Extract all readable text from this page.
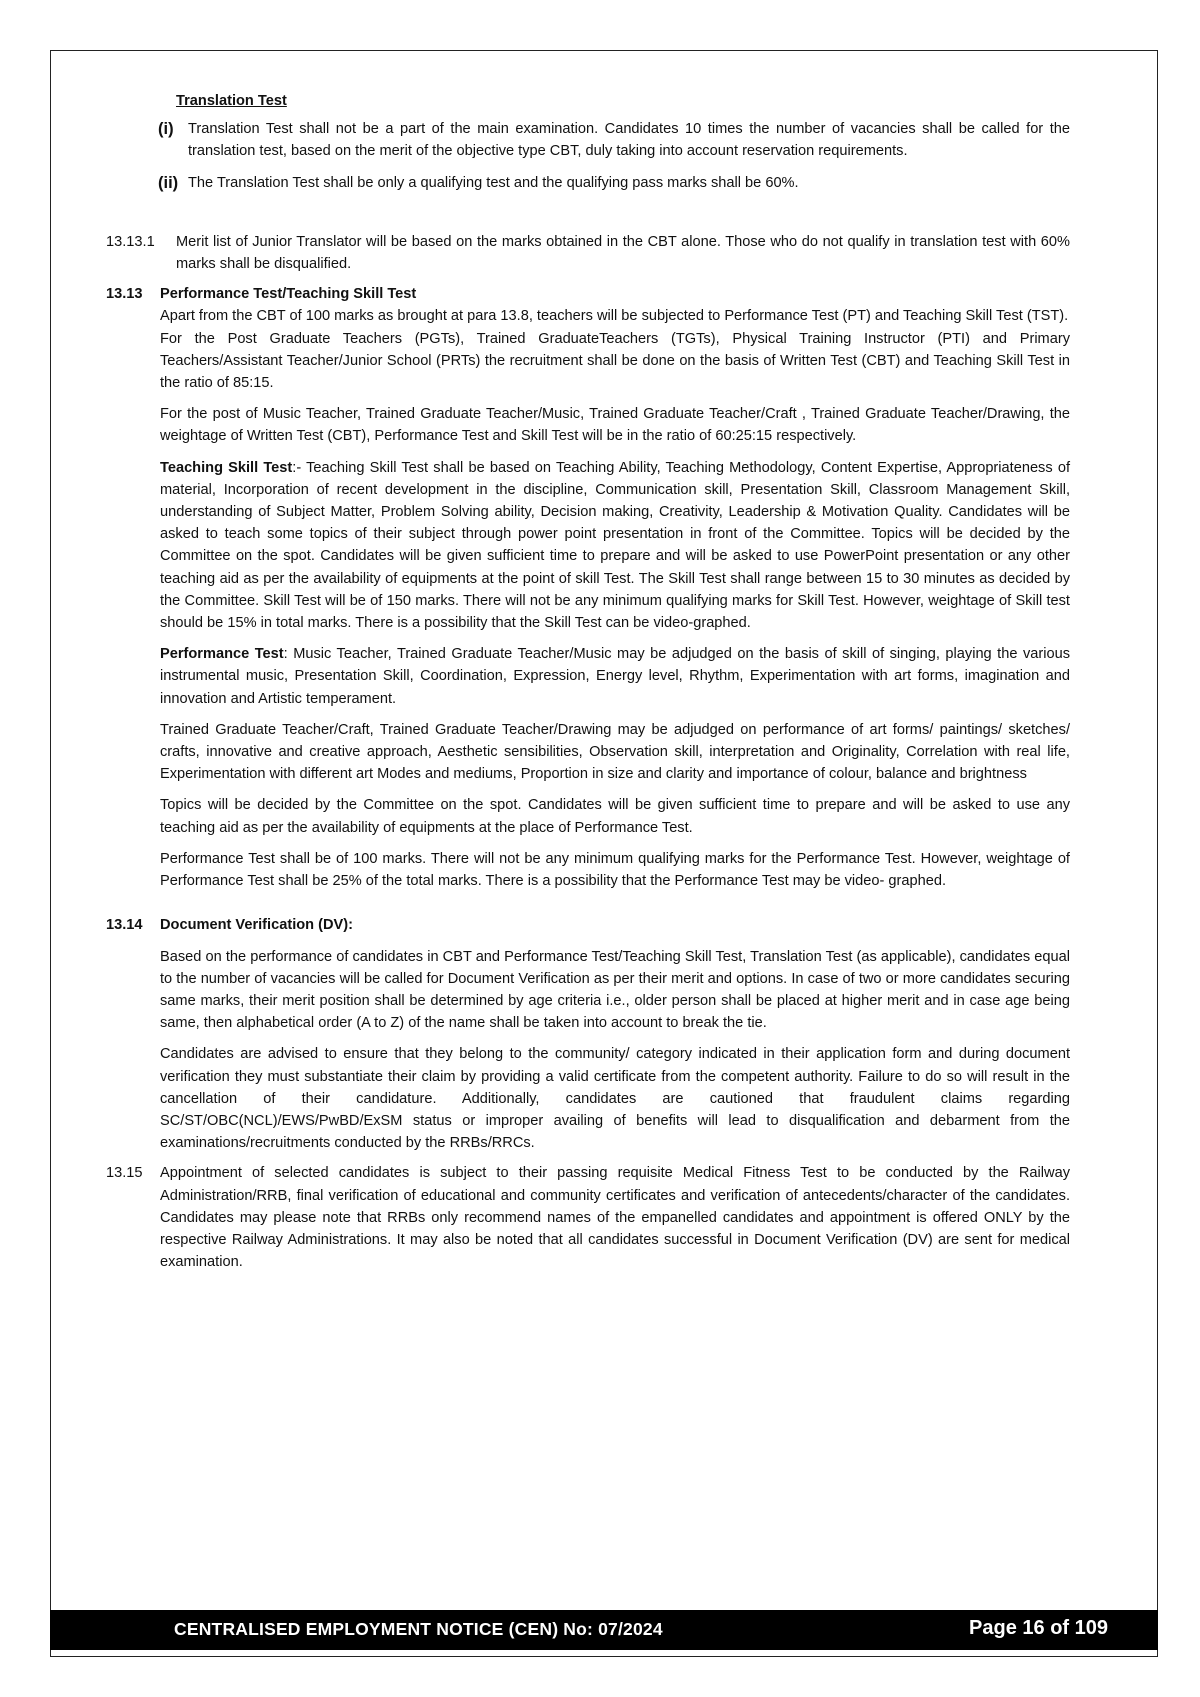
Translation Test
(i) Translation Test shall not be a part of the main examination. Candidates 10 times the number of vacancies shall be called for the translation test, based on the merit of the objective type CBT, duly taking into account reservation requirements.
(ii) The Translation Test shall be only a qualifying test and the qualifying pass marks shall be 60%.
13.13.1	Merit list of Junior Translator will be based on the marks obtained in the CBT alone. Those who do not qualify in translation test with 60% marks shall be disqualified.

13.13	Performance Test/Teaching Skill Test

Apart from the CBT of 100 marks as brought at para 13.8, teachers will be subjected to Performance Test (PT) and Teaching Skill Test (TST).

For the Post Graduate Teachers (PGTs), Trained GraduateTeachers (TGTs), Physical Training Instructor (PTI) and Primary Teachers/Assistant Teacher/Junior School (PRTs) the recruitment shall be done on the basis of Written Test (CBT) and Teaching Skill Test in the ratio of 85:15.

For the post of Music Teacher, Trained Graduate Teacher/Music, Trained Graduate Teacher/Craft , Trained Graduate Teacher/Drawing, the weightage of Written Test (CBT), Performance Test and Skill Test will be in the ratio of 60:25:15 respectively.

Teaching Skill Test:- Teaching Skill Test shall be based on Teaching Ability, Teaching Methodology, Content Expertise, Appropriateness of material, Incorporation of recent development in the discipline, Communication skill, Presentation Skill, Classroom Management Skill, understanding of Subject Matter, Problem Solving ability, Decision making, Creativity, Leadership & Motivation Quality. Candidates will be asked to teach some topics of their subject through power point presentation in front of the Committee. Topics will be decided by the Committee on the spot. Candidates will be given sufficient time to prepare and will be asked to use PowerPoint presentation or any other teaching aid as per the availability of equipments at the point of skill Test. The Skill Test shall range between 15 to 30 minutes as decided by the Committee. Skill Test will be of 150 marks. There will not be any minimum qualifying marks for Skill Test. However, weightage of Skill test should be 15% in total marks. There is a possibility that the Skill Test can be video-graphed.

Performance Test: Music Teacher, Trained Graduate Teacher/Music may be adjudged on the basis of skill of singing, playing the various instrumental music, Presentation Skill, Coordination, Expression, Energy level, Rhythm, Experimentation with art forms, imagination and innovation and Artistic temperament.

Trained Graduate Teacher/Craft, Trained Graduate Teacher/Drawing may be adjudged on performance of art forms/ paintings/ sketches/ crafts, innovative and creative approach, Aesthetic sensibilities, Observation skill, interpretation and Originality, Correlation with real life, Experimentation with different art Modes and mediums, Proportion in size and clarity and importance of colour, balance and brightness

Topics will be decided by the Committee on the spot. Candidates will be given sufficient time to prepare and will be asked to use any teaching aid as per the availability of equipments at the place of Performance Test.

Performance Test shall be of 100 marks. There will not be any minimum qualifying marks for the Performance Test. However, weightage of Performance Test shall be 25% of the total marks. There is a possibility that the Performance Test may be video- graphed.

13.14	Document Verification (DV):

Based on the performance of candidates in CBT and Performance Test/Teaching Skill Test, Translation Test (as applicable), candidates equal to the number of vacancies will be called for Document Verification as per their merit and options. In case of two or more candidates securing same marks, their merit position shall be determined by age criteria i.e., older person shall be placed at higher merit and in case age being same, then alphabetical order (A to Z) of the name shall be taken into account to break the tie.

Candidates are advised to ensure that they belong to the community/ category indicated in their application form and during document verification they must substantiate their claim by providing a valid certificate from the competent authority. Failure to do so will result in the cancellation of their candidature. Additionally, candidates are cautioned that fraudulent claims regarding SC/ST/OBC(NCL)/EWS/PwBD/ExSM status or improper availing of benefits will lead to disqualification and debarment from the examinations/recruitments conducted by the RRBs/RRCs.

13.15	Appointment of selected candidates is subject to their passing requisite Medical Fitness Test to be conducted by the Railway Administration/RRB, final verification of educational and community certificates and verification of antecedents/character of the candidates. Candidates may please note that RRBs only recommend names of the empanelled candidates and appointment is offered ONLY by the respective Railway Administrations. It may also be noted that all candidates successful in Document Verification (DV) are sent for medical examination.

CENTRALISED EMPLOYMENT NOTICE (CEN) No: 07/2024	Page 16 of 109
